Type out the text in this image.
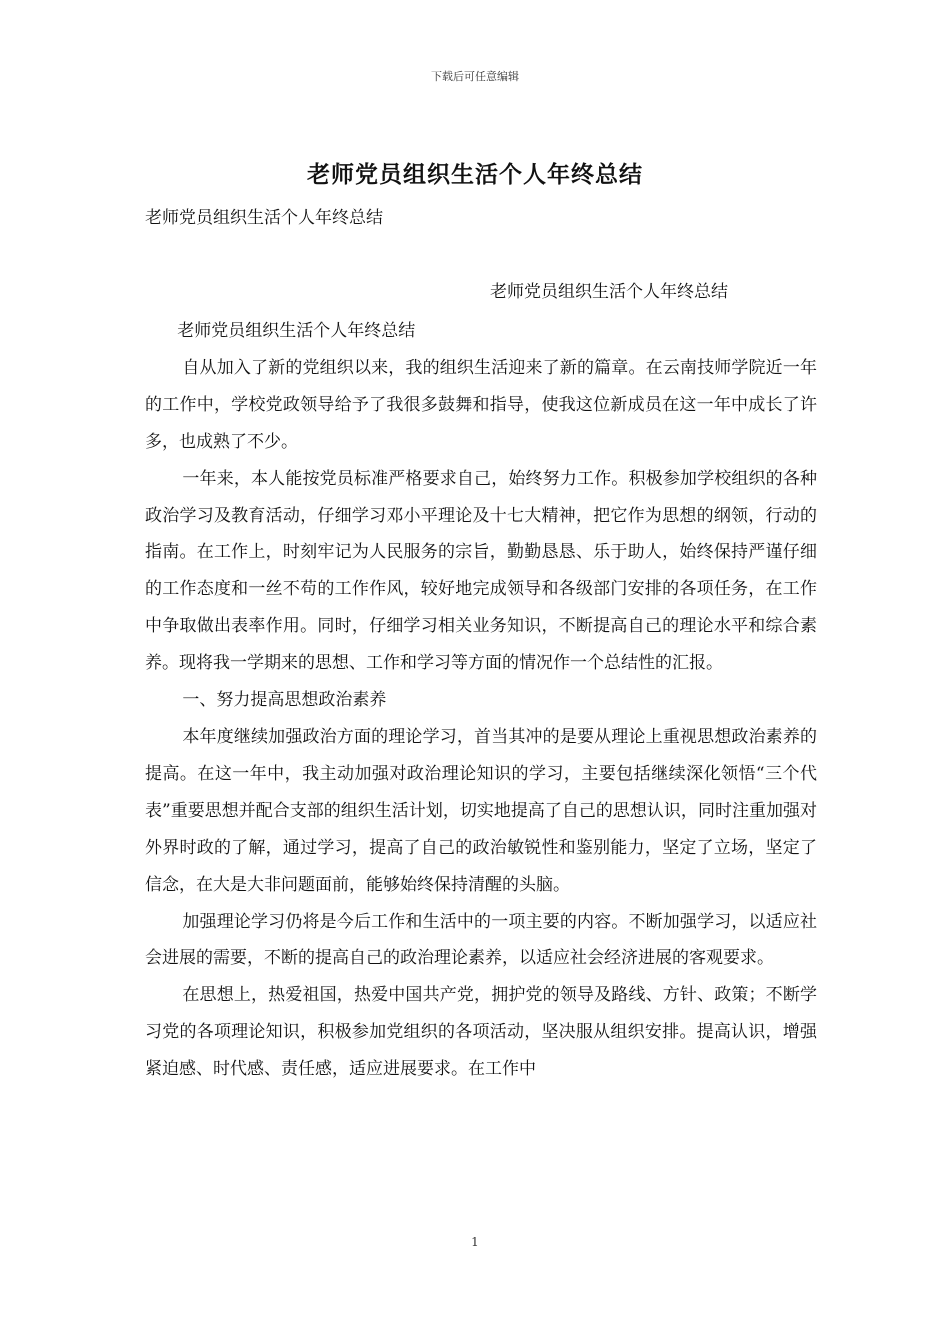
下载后可任意编辑
老师党员组织生活个人年终总结
老师党员组织生活个人年终总结
老师党员组织生活个人年终总结

老师党员组织生活个人年终总结

自从加入了新的党组织以来，我的组织生活迎来了新的篇章。在云南技师学院近一年的工作中，学校党政领导给予了我很多鼓舞和指导，使我这位新成员在这一年中成长了许多，也成熟了不少。

一年来，本人能按党员标准严格要求自己，始终努力工作。积极参加学校组织的各种政治学习及教育活动，仔细学习邓小平理论及十七大精神，把它作为思想的纲领，行动的指南。在工作上，时刻牢记为人民服务的宗旨，勤勤恳恳、乐于助人，始终保持严谨仔细的工作态度和一丝不苟的工作作风，较好地完成领导和各级部门安排的各项任务，在工作中争取做出表率作用。同时，仔细学习相关业务知识，不断提高自己的理论水平和综合素养。现将我一学期来的思想、工作和学习等方面的情况作一个总结性的汇报。

一、努力提高思想政治素养

本年度继续加强政治方面的理论学习，首当其冲的是要从理论上重视思想政治素养的提高。在这一年中，我主动加强对政治理论知识的学习，主要包括继续深化领悟“三个代表”重要思想并配合支部的组织生活计划，切实地提高了自己的思想认识，同时注重加强对外界时政的了解，通过学习，提高了自己的政治敏锐性和鉴别能力，坚定了立场，坚定了信念，在大是大非问题面前，能够始终保持清醒的头脑。

加强理论学习仍将是今后工作和生活中的一项主要的内容。不断加强学习，以适应社会进展的需要，不断的提高自己的政治理论素养，以适应社会经济进展的客观要求。

在思想上，热爱祖国，热爱中国共产党，拥护党的领导及路线、方针、政策；不断学习党的各项理论知识，积极参加党组织的各项活动，坚决服从组织安排。提高认识，增强紧迫感、时代感、责任感，适应进展要求。在工作中

1
